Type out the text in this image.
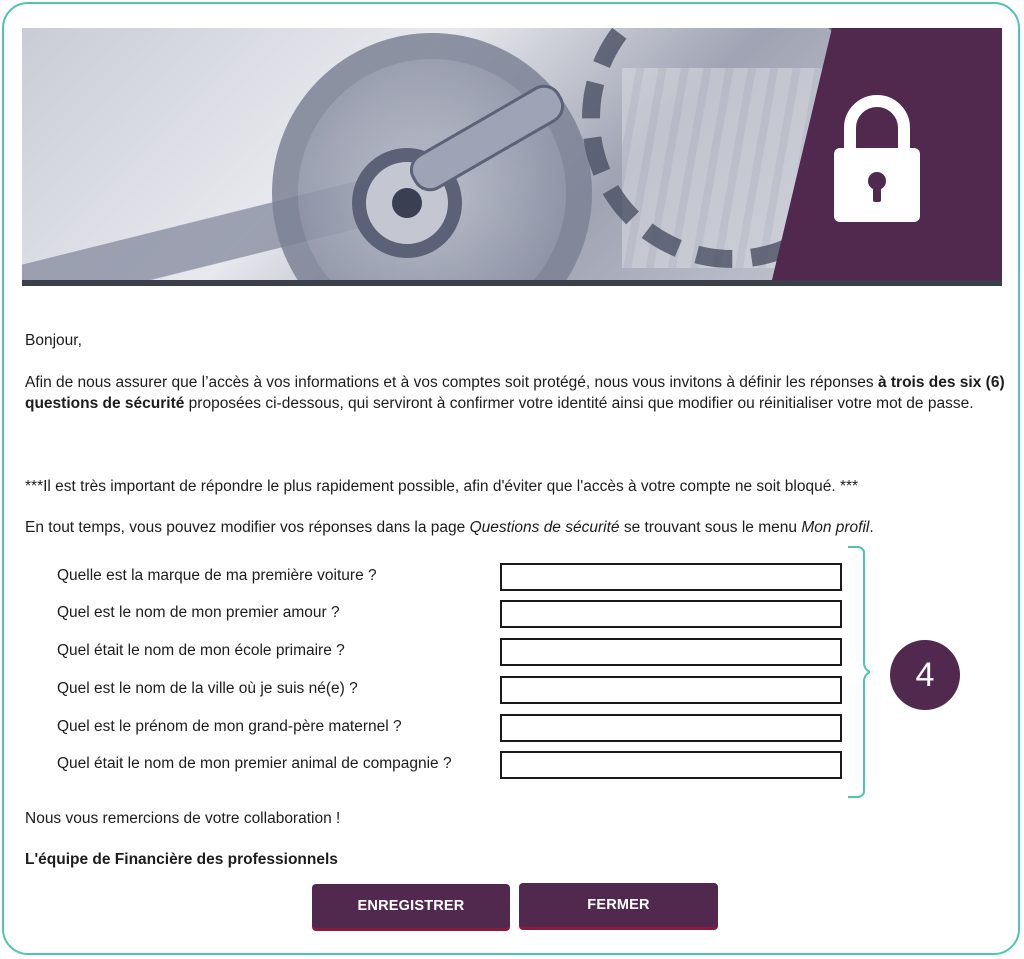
Bonjour,
Afin de nous assurer que l’accès à vos informations et à vos comptes soit protégé, nous vous invitons à définir les réponses à trois des six (6) questions de sécurité proposées ci-dessous, qui serviront à confirmer votre identité ainsi que modifier ou réinitialiser votre mot de passe.
***Il est très important de répondre le plus rapidement possible, afin d'éviter que l'accès à votre compte ne soit bloqué. ***
En tout temps, vous pouvez modifier vos réponses dans la page Questions de sécurité se trouvant sous le menu Mon profil.
Nous vous remercions de votre collaboration !
L'équipe de Financière des professionnels
Quelle est la marque de ma première voiture ?
Quel est le nom de mon premier amour ?
Quel était le nom de mon école primaire ?
Quel est le nom de la ville où je suis né(e) ?
Quel est le prénom de mon grand-père maternel ?
Quel était le nom de mon premier animal de compagnie ?
4
ENREGISTRER	FERMER
